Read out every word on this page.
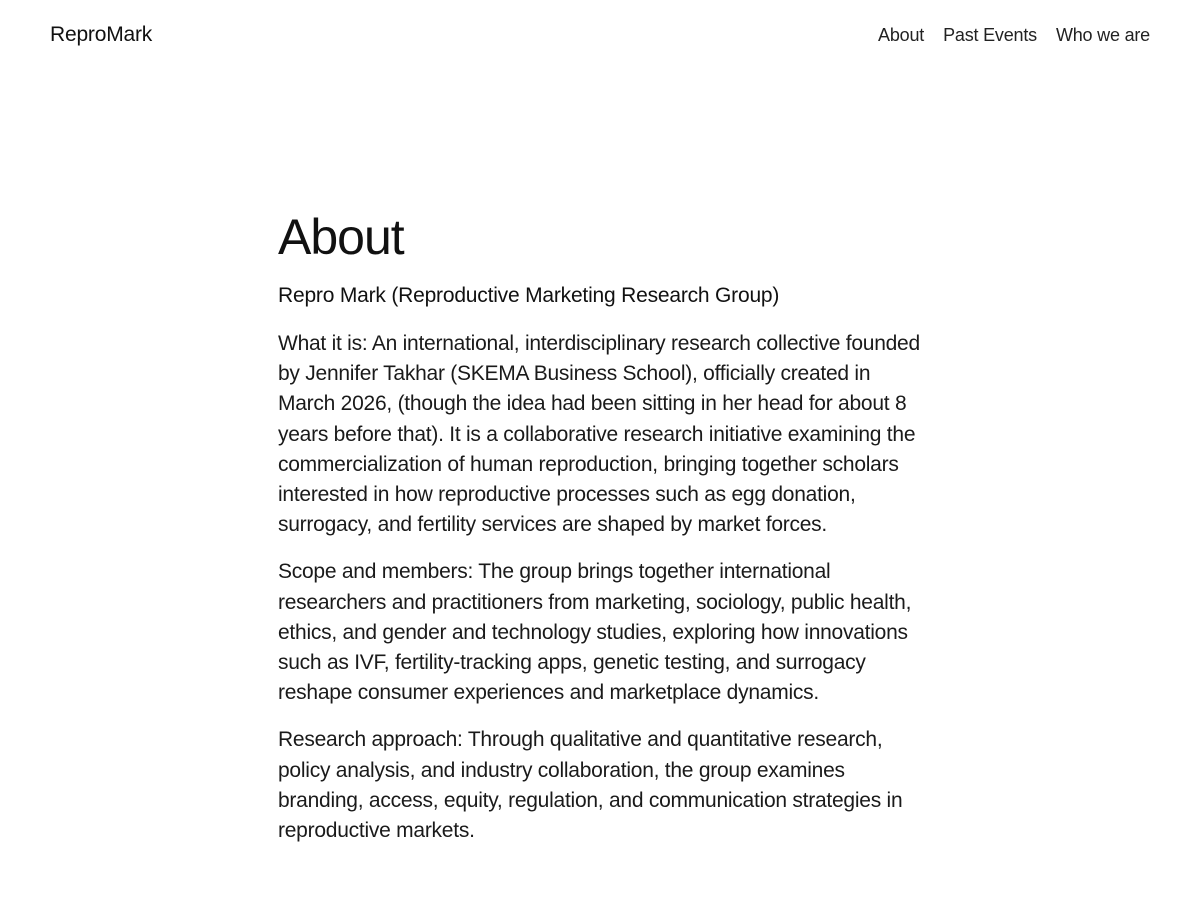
ReproMark	About Past Events Who we are
About

Repro Mark (Reproductive Marketing Research Group)

What it is: An international, interdisciplinary research collective founded by Jennifer Takhar (SKEMA Business School), officially created in March 2026, (though the idea had been sitting in her head for about 8 years before that). It is a collaborative research initiative examining the commercialization of human reproduction, bringing together scholars interested in how reproductive processes such as egg donation, surrogacy, and fertility services are shaped by market forces.

Scope and members: The group brings together international researchers and practitioners from marketing, sociology, public health, ethics, and gender and technology studies, exploring how innovations such as IVF, fertility-tracking apps, genetic testing, and surrogacy reshape consumer experiences and marketplace dynamics.

Research approach: Through qualitative and quantitative research, policy analysis, and industry collaboration, the group examines branding, access, equity, regulation, and communication strategies in reproductive markets.
